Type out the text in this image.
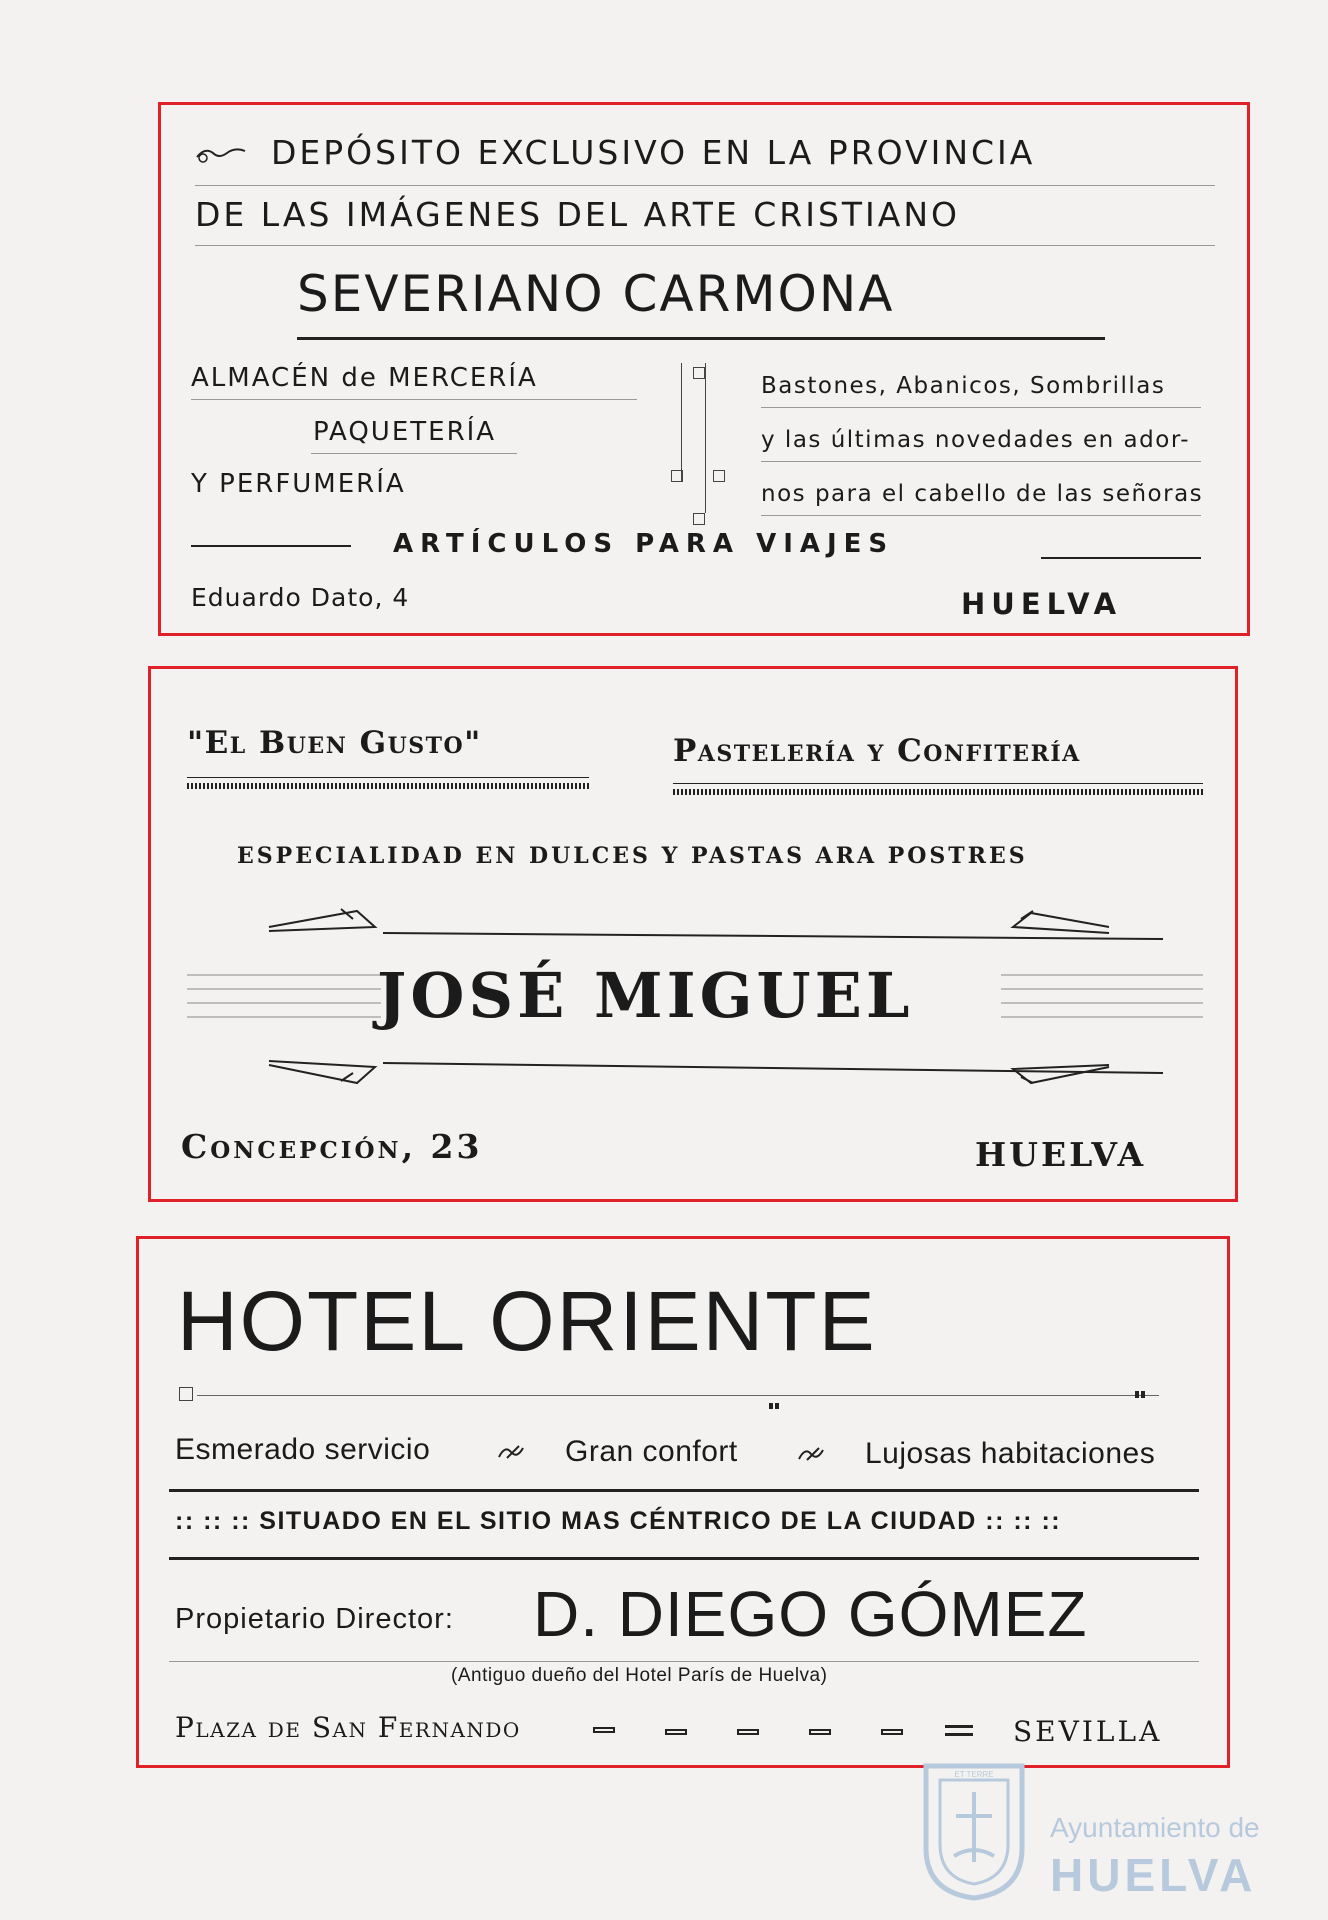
DEPÓSITO EXCLUSIVO EN LA PROVINCIA
DE LAS IMÁGENES DEL ARTE CRISTIANO
SEVERIANO CARMONA
ALMACÉN de MERCERÍA
PAQUETERÍA
Y PERFUMERÍA
Bastones, Abanicos, Sombrillas
y las últimas novedades en ador-
nos para el cabello de las señoras
ARTÍCULOS PARA VIAJES
Eduardo Dato, 4	HUELVA
"El Buen Gusto"	Pastelería y Confitería
ESPECIALIDAD EN DULCES Y PASTAS ARA POSTRES
JOSÉ MIGUEL
Concepción, 23	HUELVA
HOTEL ORIENTE
Esmerado servicio	Gran confort	Lujosas habitaciones
:: :: :: SITUADO EN EL SITIO MAS CÉNTRICO DE LA CIUDAD :: :: ::
Propietario Director: D. DIEGO GÓMEZ
(Antiguo dueño del Hotel París de Huelva)
Plaza de San Fernando	SEVILLA
ET TERRE
Ayuntamiento de
HUELVA
